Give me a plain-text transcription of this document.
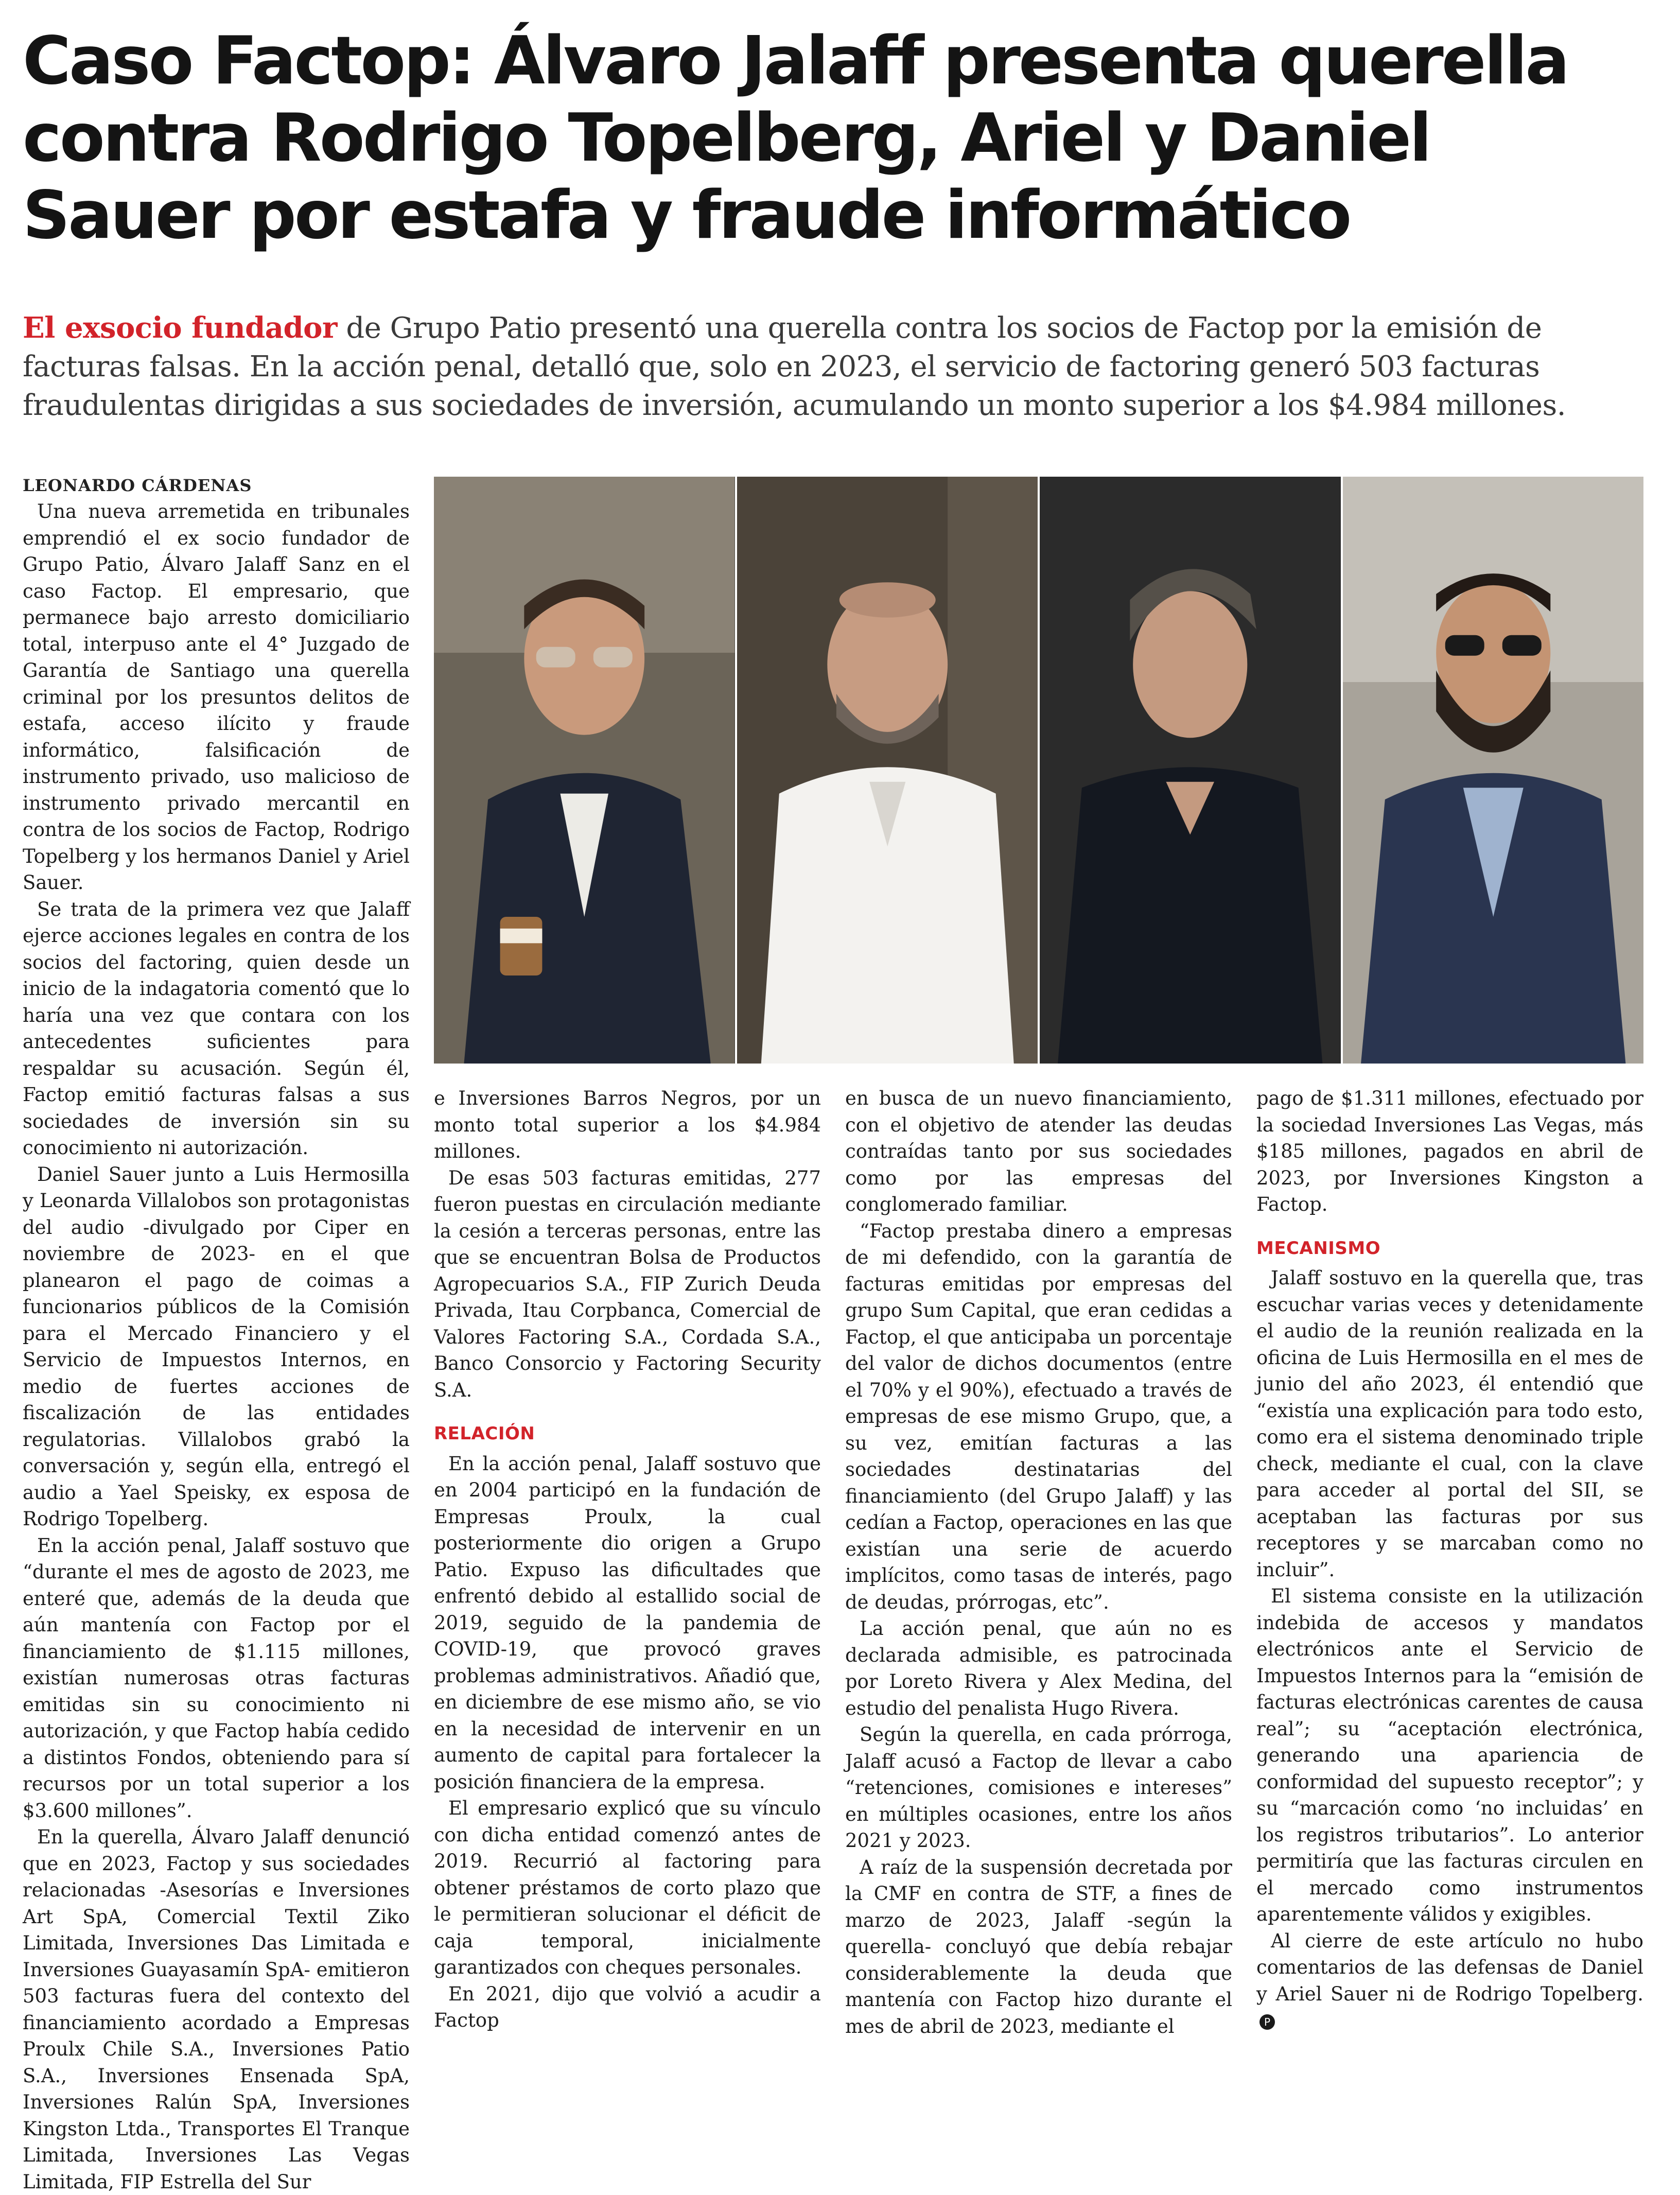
Caso Factop: Álvaro Jalaff presenta querella contra Rodrigo Topelberg, Ariel y Daniel Sauer por estafa y fraude informático

El exsocio fundador de Grupo Patio presentó una querella contra los socios de Factop por la emisión de facturas falsas. En la acción penal, detalló que, solo en 2023, el servicio de factoring generó 503 facturas fraudulentas dirigidas a sus sociedades de inversión, acumulando un monto superior a los $4.984 millones.

LEONARDO CÁRDENAS

Una nueva arremetida en tribunales emprendió el ex socio fundador de Grupo Patio, Álvaro Jalaff Sanz en el caso Factop. El empresario, que permanece bajo arresto domiciliario total, interpuso ante el 4° Juzgado de Garantía de Santiago una querella criminal por los presuntos delitos de estafa, acceso ilícito y fraude informático, falsificación de instrumento privado, uso malicioso de instrumento privado mercantil en contra de los socios de Factop, Rodrigo Topelberg y los hermanos Daniel y Ariel Sauer.

Se trata de la primera vez que Jalaff ejerce acciones legales en contra de los socios del factoring, quien desde un inicio de la indagatoria comentó que lo haría una vez que contara con los antecedentes suficientes para respaldar su acusación. Según él, Factop emitió facturas falsas a sus sociedades de inversión sin su conocimiento ni autorización.

Daniel Sauer junto a Luis Hermosilla y Leonarda Villalobos son protagonistas del audio -divulgado por Ciper en noviembre de 2023- en el que planearon el pago de coimas a funcionarios públicos de la Comisión para el Mercado Financiero y el Servicio de Impuestos Internos, en medio de fuertes acciones de fiscalización de las entidades regulatorias. Villalobos grabó la conversación y, según ella, entregó el audio a Yael Speisky, ex esposa de Rodrigo Topelberg.

En la acción penal, Jalaff sostuvo que “durante el mes de agosto de 2023, me enteré que, además de la deuda que aún mantenía con Factop por el financiamiento de $1.115 millones, existían numerosas otras facturas emitidas sin su conocimiento ni autorización, y que Factop había cedido a distintos Fondos, obteniendo para sí recursos por un total superior a los $3.600 millones”.

En la querella, Álvaro Jalaff denunció que en 2023, Factop y sus sociedades relacionadas -Asesorías e Inversiones Art SpA, Comercial Textil Ziko Limitada, Inversiones Das Limitada e Inversiones Guayasamín SpA- emitieron 503 facturas fuera del contexto del financiamiento acordado a Empresas Proulx Chile S.A., Inversiones Patio S.A., Inversiones Ensenada SpA, Inversiones Ralún SpA, Inversiones Kingston Ltda., Transportes El Tranque Limitada, Inversiones Las Vegas Limitada, FIP Estrella del Sur

e Inversiones Barros Negros, por un monto total superior a los $4.984 millones.

De esas 503 facturas emitidas, 277 fueron puestas en circulación mediante la cesión a terceras personas, entre las que se encuentran Bolsa de Productos Agropecuarios S.A., FIP Zurich Deuda Privada, Itau Corpbanca, Comercial de Valores Factoring S.A., Cordada S.A., Banco Consorcio y Factoring Security S.A.

RELACIÓN

En la acción penal, Jalaff sostuvo que en 2004 participó en la fundación de Empresas Proulx, la cual posteriormente dio origen a Grupo Patio. Expuso las dificultades que enfrentó debido al estallido social de 2019, seguido de la pandemia de COVID-19, que provocó graves problemas administrativos. Añadió que, en diciembre de ese mismo año, se vio en la necesidad de intervenir en un aumento de capital para fortalecer la posición financiera de la empresa.

El empresario explicó que su vínculo con dicha entidad comenzó antes de 2019. Recurrió al factoring para obtener préstamos de corto plazo que le permitieran solucionar el déficit de caja temporal, inicialmente garantizados con cheques personales.

En 2021, dijo que volvió a acudir a Factop

en busca de un nuevo financiamiento, con el objetivo de atender las deudas contraídas tanto por sus sociedades como por las empresas del conglomerado familiar.

“Factop prestaba dinero a empresas de mi defendido, con la garantía de facturas emitidas por empresas del grupo Sum Capital, que eran cedidas a Factop, el que anticipaba un porcentaje del valor de dichos documentos (entre el 70% y el 90%), efectuado a través de empresas de ese mismo Grupo, que, a su vez, emitían facturas a las sociedades destinatarias del financiamiento (del Grupo Jalaff) y las cedían a Factop, operaciones en las que existían una serie de acuerdo implícitos, como tasas de interés, pago de deudas, prórrogas, etc”.

La acción penal, que aún no es declarada admisible, es patrocinada por Loreto Rivera y Alex Medina, del estudio del penalista Hugo Rivera.

Según la querella, en cada prórroga, Jalaff acusó a Factop de llevar a cabo “retenciones, comisiones e intereses” en múltiples ocasiones, entre los años 2021 y 2023.

A raíz de la suspensión decretada por la CMF en contra de STF, a fines de marzo de 2023, Jalaff -según la querella- concluyó que debía rebajar considerablemente la deuda que mantenía con Factop hizo durante el mes de abril de 2023, mediante el

pago de $1.311 millones, efectuado por la sociedad Inversiones Las Vegas, más $185 millones, pagados en abril de 2023, por Inversiones Kingston a Factop.

MECANISMO

Jalaff sostuvo en la querella que, tras escuchar varias veces y detenidamente el audio de la reunión realizada en la oficina de Luis Hermosilla en el mes de junio del año 2023, él entendió que “existía una explicación para todo esto, como era el sistema denominado triple check, mediante el cual, con la clave para acceder al portal del SII, se aceptaban las facturas por sus receptores y se marcaban como no incluir”.

El sistema consiste en la utilización indebida de accesos y mandatos electrónicos ante el Servicio de Impuestos Internos para la “emisión de facturas electrónicas carentes de causa real”; su “aceptación electrónica, generando una apariencia de conformidad del supuesto receptor”; y su “marcación como ‘no incluidas’ en los registros tributarios”. Lo anterior permitiría que las facturas circulen en el mercado como instrumentos aparentemente válidos y exigibles.

Al cierre de este artículo no hubo comentarios de las defensas de Daniel y Ariel Sauer ni de Rodrigo Topelberg.P
